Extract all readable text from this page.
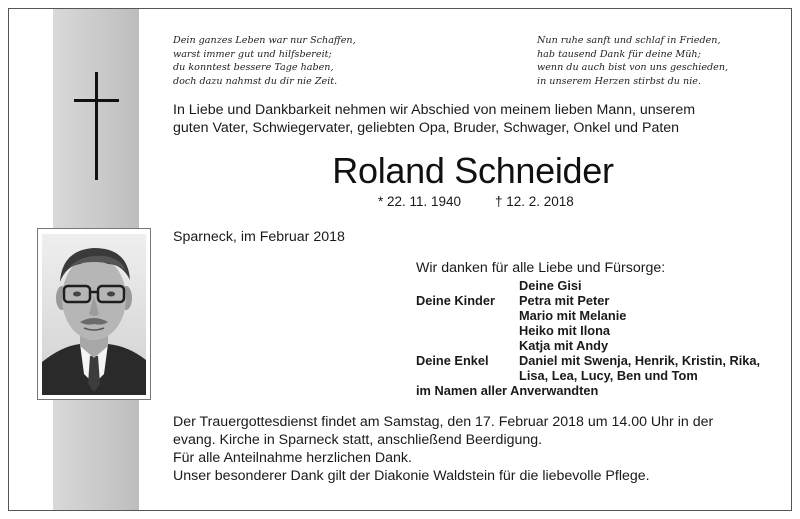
Dein ganzes Leben war nur Schaffen,
warst immer gut und hilfsbereit;
du konntest bessere Tage haben,
doch dazu nahmst du dir nie Zeit.
Nun ruhe sanft und schlaf in Frieden,
hab tausend Dank für deine Müh;
wenn du auch bist von uns geschieden,
in unserem Herzen stirbst du nie.
In Liebe und Dankbarkeit nehmen wir Abschied von meinem lieben Mann, unserem
guten Vater, Schwiegervater, geliebten Opa, Bruder, Schwager, Onkel und Paten
Roland Schneider
* 22. 11. 1940	† 12. 2. 2018
Sparneck, im Februar 2018
Wir danken für alle Liebe und Fürsorge:
Deine Gisi
Deine Kinder Petra mit Peter
Mario mit Melanie
Heiko mit Ilona
Katja mit Andy
Deine Enkel Daniel mit Swenja, Henrik, Kristin, Rika,
Lisa, Lea, Lucy, Ben und Tom
im Namen aller Anverwandten
Der Trauergottesdienst findet am Samstag, den 17. Februar 2018 um 14.00 Uhr in der
evang. Kirche in Sparneck statt, anschließend Beerdigung.
Für alle Anteilnahme herzlichen Dank.
Unser besonderer Dank gilt der Diakonie Waldstein für die liebevolle Pflege.
